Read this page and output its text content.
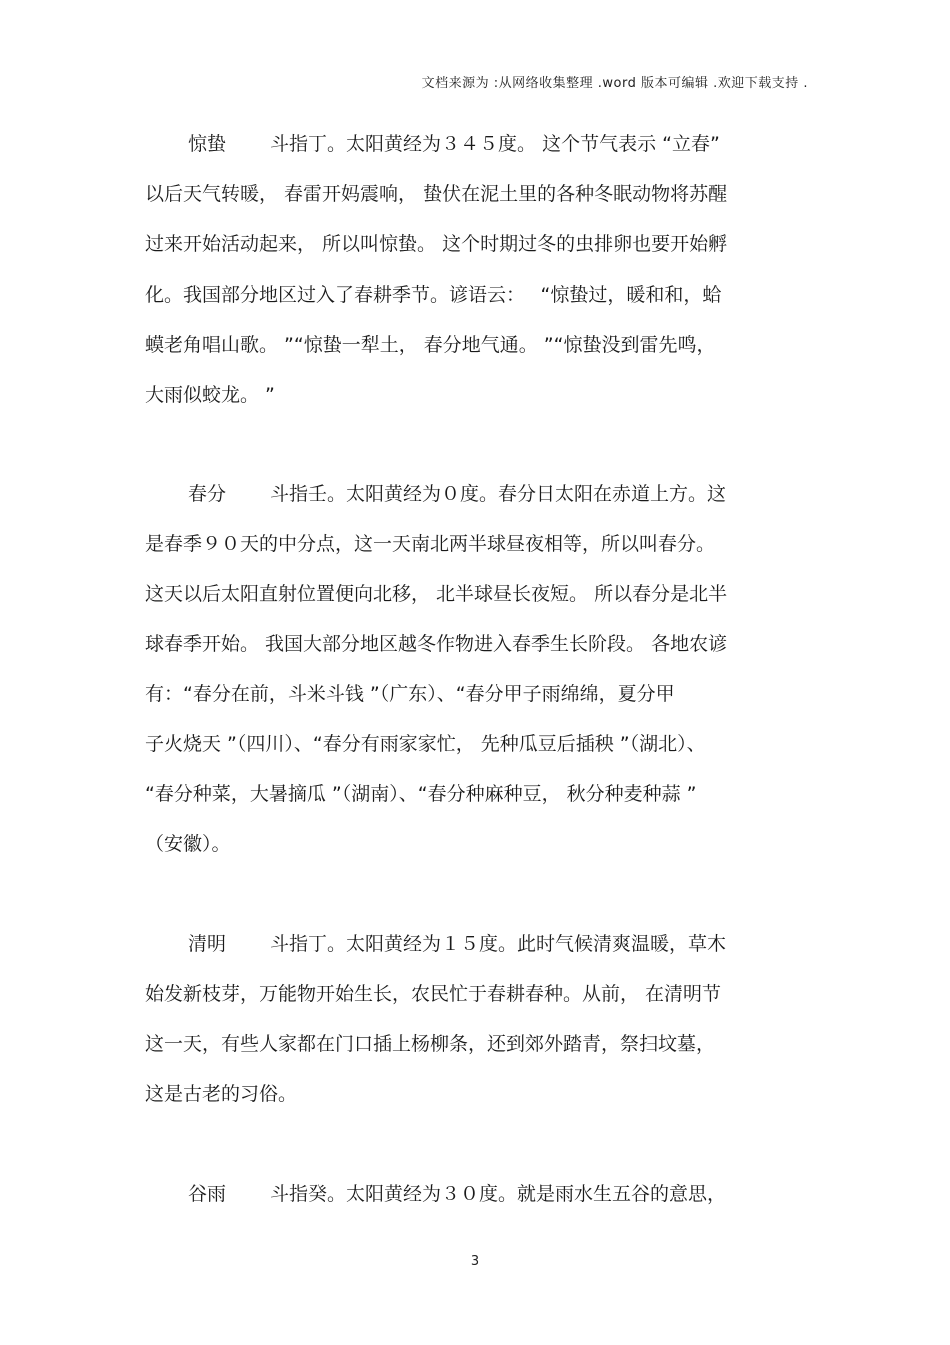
文档来源为 :从网络收集整理 .word 版本可编辑 .欢迎下载支持 .
惊蛰　　 斗指丁。太阳黄经为３４５度。 这个节气表示 “立春”
以后天气转暖， 春雷开妈震响， 蛰伏在泥土里的各种冬眠动物将苏醒
过来开始活动起来， 所以叫惊蛰。 这个时期过冬的虫排卵也要开始孵
化。我国部分地区过入了春耕季节。谚语云：　 “惊蛰过，暖和和，蛤
蟆老角唱山歌。 ”“惊蛰一犁土， 春分地气通。 ”“惊蛰没到雷先鸣，
大雨似蛟龙。 ”
春分　　 斗指壬。太阳黄经为０度。春分日太阳在赤道上方。这
是春季９０天的中分点，这一天南北两半球昼夜相等，所以叫春分。
这天以后太阳直射位置便向北移， 北半球昼长夜短。 所以春分是北半
球春季开始。 我国大部分地区越冬作物进入春季生长阶段。 各地农谚
有：“春分在前，斗米斗钱 ”（广东）、“春分甲子雨绵绵，夏分甲
子火烧天 ”（四川）、“春分有雨家家忙， 先种瓜豆后插秧 ”（湖北）、
“春分种菜，大暑摘瓜 ”（湖南）、“春分种麻种豆， 秋分种麦种蒜 ”
（安徽）。
清明　　 斗指丁。太阳黄经为１５度。此时气候清爽温暖，草木
始发新枝芽，万能物开始生长，农民忙于春耕春种。从前， 在清明节
这一天，有些人家都在门口插上杨柳条，还到郊外踏青，祭扫坟墓，
这是古老的习俗。
谷雨　　 斗指癸。太阳黄经为３０度。就是雨水生五谷的意思，
3
